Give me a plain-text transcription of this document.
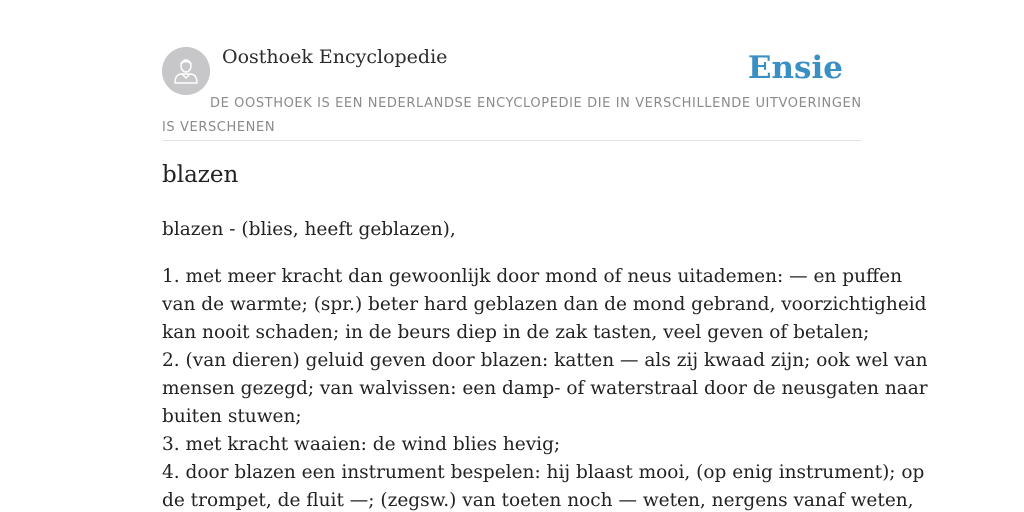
Oosthoek Encyclopedie	Ensie
DE OOSTHOEK IS EEN NEDERLANDSE ENCYCLOPEDIE DIE IN VERSCHILLENDE UITVOERINGEN IS VERSCHENEN
blazen

blazen - (blies, heeft geblazen),

1. met meer kracht dan gewoonlijk door mond of neus uitademen: — en puffen
van de warmte; (spr.) beter hard geblazen dan de mond gebrand, voorzichtigheid
kan nooit schaden; in de beurs diep in de zak tasten, veel geven of betalen;
2. (van dieren) geluid geven door blazen: katten — als zij kwaad zijn; ook wel van
mensen gezegd; van walvissen: een damp- of waterstraal door de neusgaten naar
buiten stuwen;
3. met kracht waaien: de wind blies hevig;
4. door blazen een instrument bespelen: hij blaast mooi, (op enig instrument); op
de trompet, de fluit —; (zegsw.) van toeten noch — weten, nergens vanaf weten,
